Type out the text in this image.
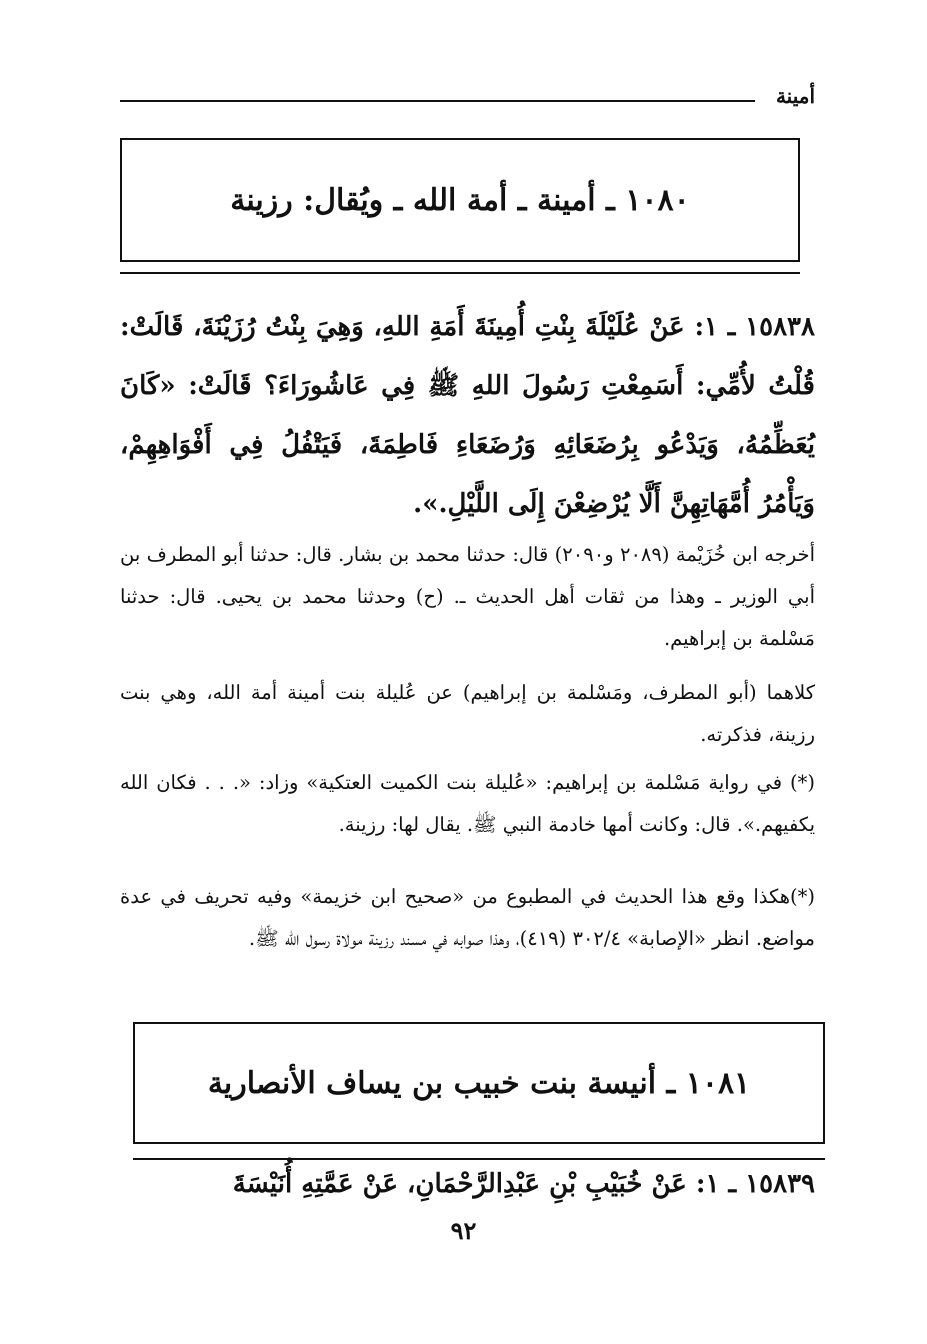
أمينة
١٠٨٠ ـ أمينة ـ أمة الله ـ ويُقال: رزينة

١٥٨٣٨ ـ ١: عَنْ عُلَيْلَةَ بِنْتِ أُمِينَةَ أَمَةِ اللهِ، وَهِيَ بِنْتُ رُزَيْنَةَ، قَالَتْ: قُلْتُ لأُمِّي: أَسَمِعْتِ رَسُولَ اللهِ ﷺ فِي عَاشُورَاءَ؟ قَالَتْ: «كَانَ يُعَظِّمُهُ، وَيَدْعُو بِرُضَعَائِهِ وَرُضَعَاءِ فَاطِمَةَ، فَيَتْفُلُ فِي أَفْوَاهِهِمْ، وَيَأْمُرُ أُمَّهَاتِهِنَّ أَلَّا يُرْضِعْنَ إِلَى اللَّيْلِ.».

أخرجه ابن خُزَيْمة (٢٠٨٩ و٢٠٩٠) قال: حدثنا محمد بن بشار. قال: حدثنا أبو المطرف بن أبي الوزير ـ وهذا من ثقات أهل الحديث ـ. (ح) وحدثنا محمد بن يحيى. قال: حدثنا مَسْلمة بن إبراهيم.

كلاهما (أبو المطرف، ومَسْلمة بن إبراهيم) عن عُليلة بنت أمينة أمة الله، وهي بنت رزينة، فذكرته.

(*) في رواية مَسْلمة بن إبراهيم: «عُليلة بنت الكميت العتكية» وزاد: «. . . فكان الله يكفيهم.». قال: وكانت أمها خادمة النبي ﷺ. يقال لها: رزينة.

(*)هكذا وقع هذا الحديث في المطبوع من «صحيح ابن خزيمة» وفيه تحريف في عدة مواضع. انظر «الإصابة» ٣٠٢/٤ (٤١٩)، وهذا صوابه في مسند رزينة مولاة رسول الله ﷺ.

١٠٨١ ـ أنيسة بنت خبيب بن يساف الأنصارية

١٥٨٣٩ ـ ١: عَنْ خُبَيْبِ بْنِ عَبْدِالرَّحْمَانِ، عَنْ عَمَّتِهِ أُنَيْسَةَ

٩٢
